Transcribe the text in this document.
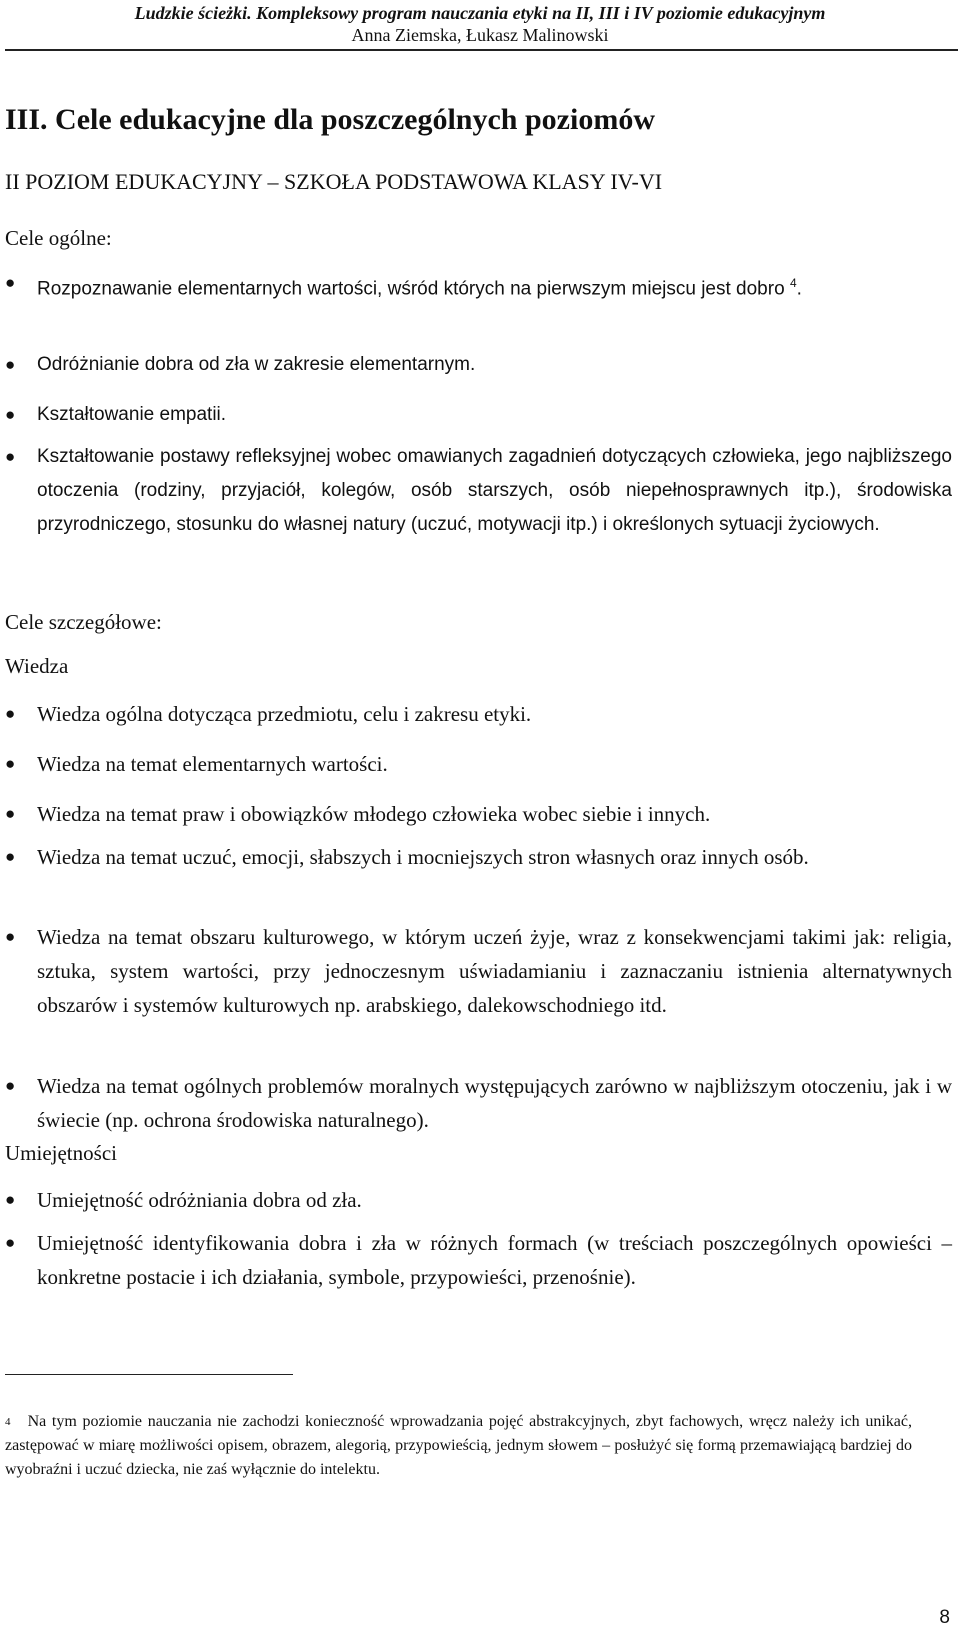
Ludzkie ścieżki. Kompleksowy program nauczania etyki na II, III i IV poziomie edukacyjnym
Anna Ziemska, Łukasz Malinowski
III. Cele edukacyjne dla poszczególnych poziomów
II POZIOM EDUKACYJNY – SZKOŁA PODSTAWOWA KLASY IV-VI
Cele ogólne:
● Rozpoznawanie elementarnych wartości, wśród których na pierwszym miejscu jest dobro $^4$.
● Odróżnianie dobra od zła w zakresie elementarnym.
● Kształtowanie empatii.
● Kształtowanie postawy refleksyjnej wobec omawianych zagadnień dotyczących człowieka, jego najbliższego otoczenia (rodziny, przyjaciół, kolegów, osób starszych, osób niepełnosprawnych itp.), środowiska przyrodniczego, stosunku do własnej natury (uczuć, motywacji itp.) i określonych sytuacji życiowych.
Cele szczegółowe:
Wiedza
● Wiedza ogólna dotycząca przedmiotu, celu i zakresu etyki.
● Wiedza na temat elementarnych wartości.
● Wiedza na temat praw i obowiązków młodego człowieka wobec siebie i innych.
● Wiedza na temat uczuć, emocji, słabszych i mocniejszych stron własnych oraz innych osób.
● Wiedza na temat obszaru kulturowego, w którym uczeń żyje, wraz z konsekwencjami takimi jak: religia, sztuka, system wartości, przy jednoczesnym uświadamianiu i zaznaczaniu istnienia alternatywnych obszarów i systemów kulturowych np. arabskiego, dalekowschodniego itd.
● Wiedza na temat ogólnych problemów moralnych występujących zarówno w najbliższym otoczeniu, jak i w świecie (np. ochrona środowiska naturalnego).
Umiejętności
● Umiejętność odróżniania dobra od zła.
● Umiejętność identyfikowania dobra i zła w różnych formach (w treściach poszczególnych opowieści – konkretne postacie i ich działania, symbole, przypowieści, przenośnie).
$^4$ Na tym poziomie nauczania nie zachodzi konieczność wprowadzania pojęć abstrakcyjnych, zbyt fachowych, wręcz należy ich unikać, zastępować w miarę możliwości opisem, obrazem, alegorią, przypowieścią, jednym słowem – posłużyć się formą przemawiającą bardziej do wyobraźni i uczuć dziecka, nie zaś wyłącznie do intelektu.
8
